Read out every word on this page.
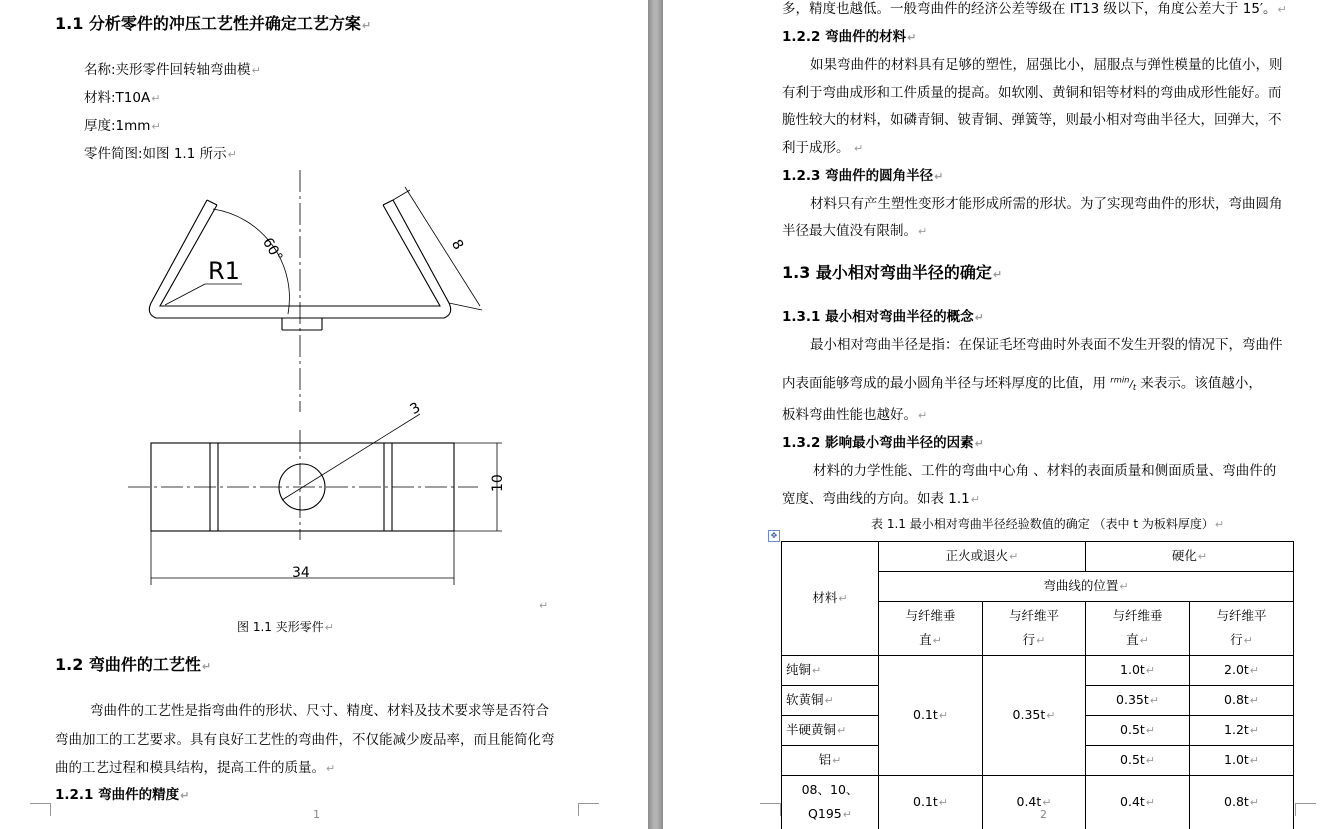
1.1 分析零件的冲压工艺性并确定工艺方案↵
名称:夹形零件回转轴弯曲模↵
材料:T10A↵
厚度:1mm↵
零件简图:如图 1.1 所示↵
60°
R1
8
3
10
34
↵
图 1.1 夹形零件↵
1.2 弯曲件的工艺性↵
弯曲件的工艺性是指弯曲件的形状、尺寸、精度、材料及技术要求等是否符合
弯曲加工的工艺要求。具有良好工艺性的弯曲件，不仅能减少废品率，而且能简化弯
曲的工艺过程和模具结构，提高工件的质量。↵
1.2.1 弯曲件的精度↵
1
多，精度也越低。一般弯曲件的经济公差等级在 IT13 级以下，角度公差大于 15′。↵
1.2.2 弯曲件的材料↵
如果弯曲件的材料具有足够的塑性，屈强比小，屈服点与弹性模量的比值小，则
有利于弯曲成形和工件质量的提高。如软刚、黄铜和铝等材料的弯曲成形性能好。而
脆性较大的材料，如磷青铜、铍青铜、弹簧等，则最小相对弯曲半径大，回弹大，不
利于成形。 ↵
1.2.3 弯曲件的圆角半径↵
材料只有产生塑性变形才能形成所需的形状。为了实现弯曲件的形状，弯曲圆角
半径最大值没有限制。↵
1.3 最小相对弯曲半径的确定↵
1.3.1 最小相对弯曲半径的概念↵
最小相对弯曲半径是指：在保证毛坯弯曲时外表面不发生开裂的情况下，弯曲件
内表面能够弯成的最小圆角半径与坯料厚度的比值，用 $^{rmin}/_t$ 来表示。该值越小，
板料弯曲性能也越好。↵
1.3.2 影响最小弯曲半径的因素↵
材料的力学性能、工件的弯曲中心角 、材料的表面质量和侧面质量、弯曲件的
宽度、弯曲线的方向。如表 1.1↵
表 1.1 最小相对弯曲半径经验数值的确定 （表中 t 为板料厚度）↵
✥
材料↵	正火或退火↵		硬化↵	
	弯曲线的位置↵			
	与纤维垂
直↵	与纤维平
行↵	与纤维垂
直↵	与纤维平
行↵
纯铜↵	0.1t↵	0.35t↵	1.0t↵	2.0t↵
软黄铜↵			0.35t↵	0.8t↵
半硬黄铜↵			0.5t↵	1.2t↵
铝↵			0.5t↵	1.0t↵
08、10、
Q195↵	0.1t↵	0.4t↵	0.4t↵	0.8t↵
2
